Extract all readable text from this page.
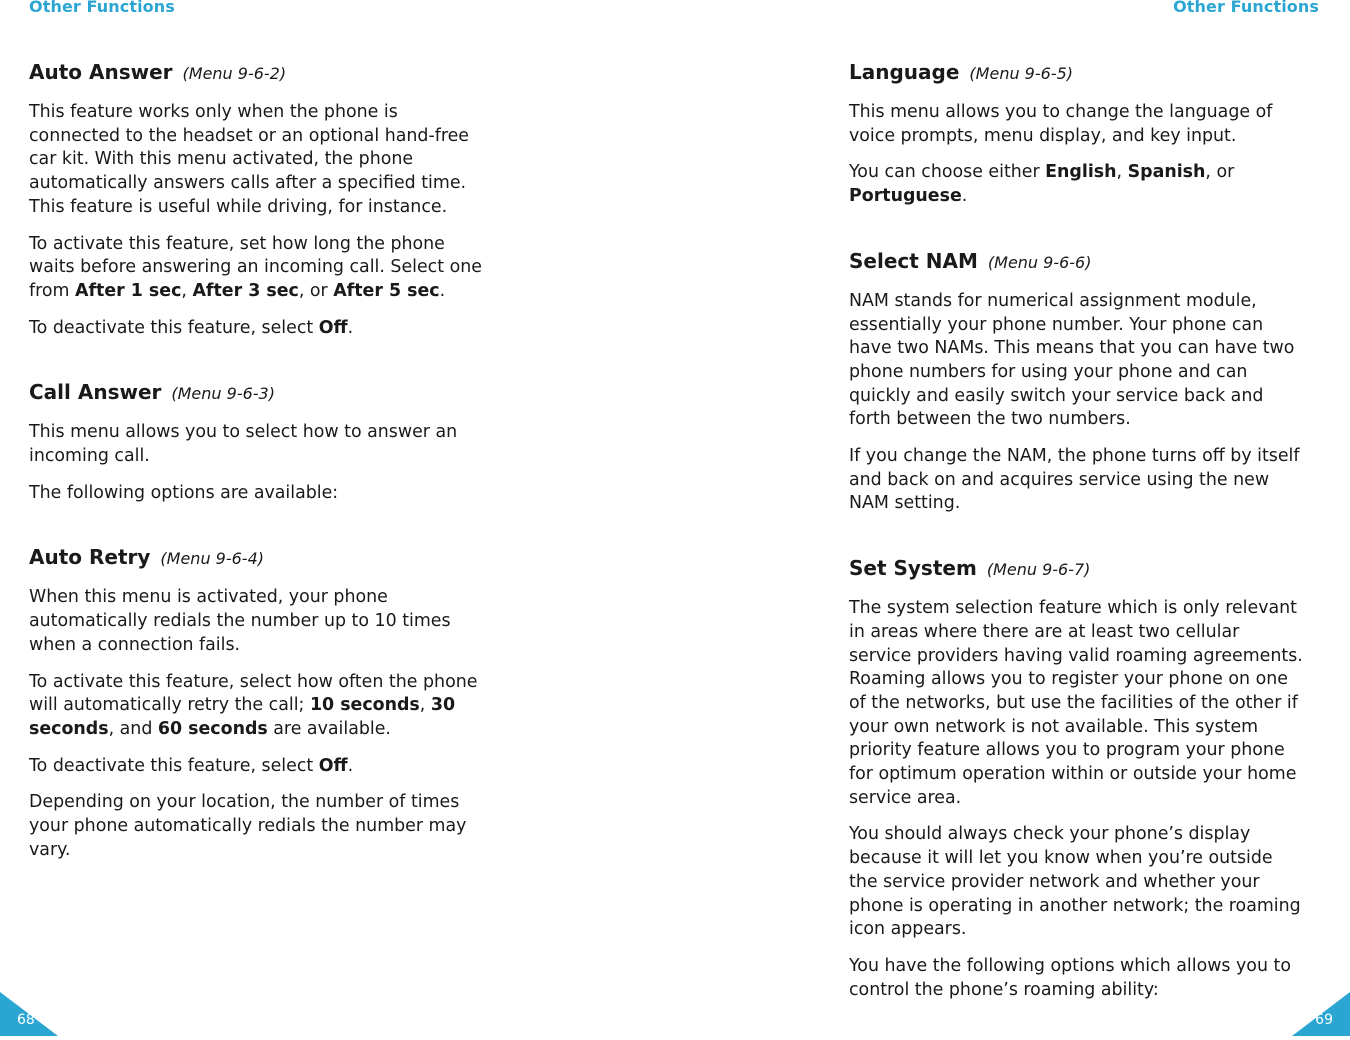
Other Functions
Auto Answer (Menu 9-6-2)

This feature works only when the phone is connected to the headset or an optional hand-free car kit. With this menu activated, the phone automatically answers calls after a specified time. This feature is useful while driving, for instance.

To activate this feature, set how long the phone waits before answering an incoming call. Select one from After 1 sec, After 3 sec, or After 5 sec.

To deactivate this feature, select Off.

Call Answer (Menu 9-6-3)

This menu allows you to select how to answer an incoming call.

The following options are available:

Auto Retry (Menu 9-6-4)

When this menu is activated, your phone automatically redials the number up to 10 times when a connection fails.

To activate this feature, select how often the phone will automatically retry the call; 10 seconds, 30 seconds, and 60 seconds are available.

To deactivate this feature, select Off.

Depending on your location, the number of times your phone automatically redials the number may vary.

68
Other Functions
Language (Menu 9-6-5)

This menu allows you to change the language of voice prompts, menu display, and key input.

You can choose either English, Spanish, or Portuguese.

Select NAM (Menu 9-6-6)

NAM stands for numerical assignment module, essentially your phone number. Your phone can have two NAMs. This means that you can have two phone numbers for using your phone and can quickly and easily switch your service back and forth between the two numbers.

If you change the NAM, the phone turns off by itself and back on and acquires service using the new NAM setting.

Set System (Menu 9-6-7)

The system selection feature which is only relevant in areas where there are at least two cellular service providers having valid roaming agreements. Roaming allows you to register your phone on one of the networks, but use the facilities of the other if your own network is not available. This system priority feature allows you to program your phone for optimum operation within or outside your home service area.

You should always check your phone’s display because it will let you know when you’re outside the service provider network and whether your phone is operating in another network; the roaming icon appears.

You have the following options which allows you to control the phone’s roaming ability:

69
